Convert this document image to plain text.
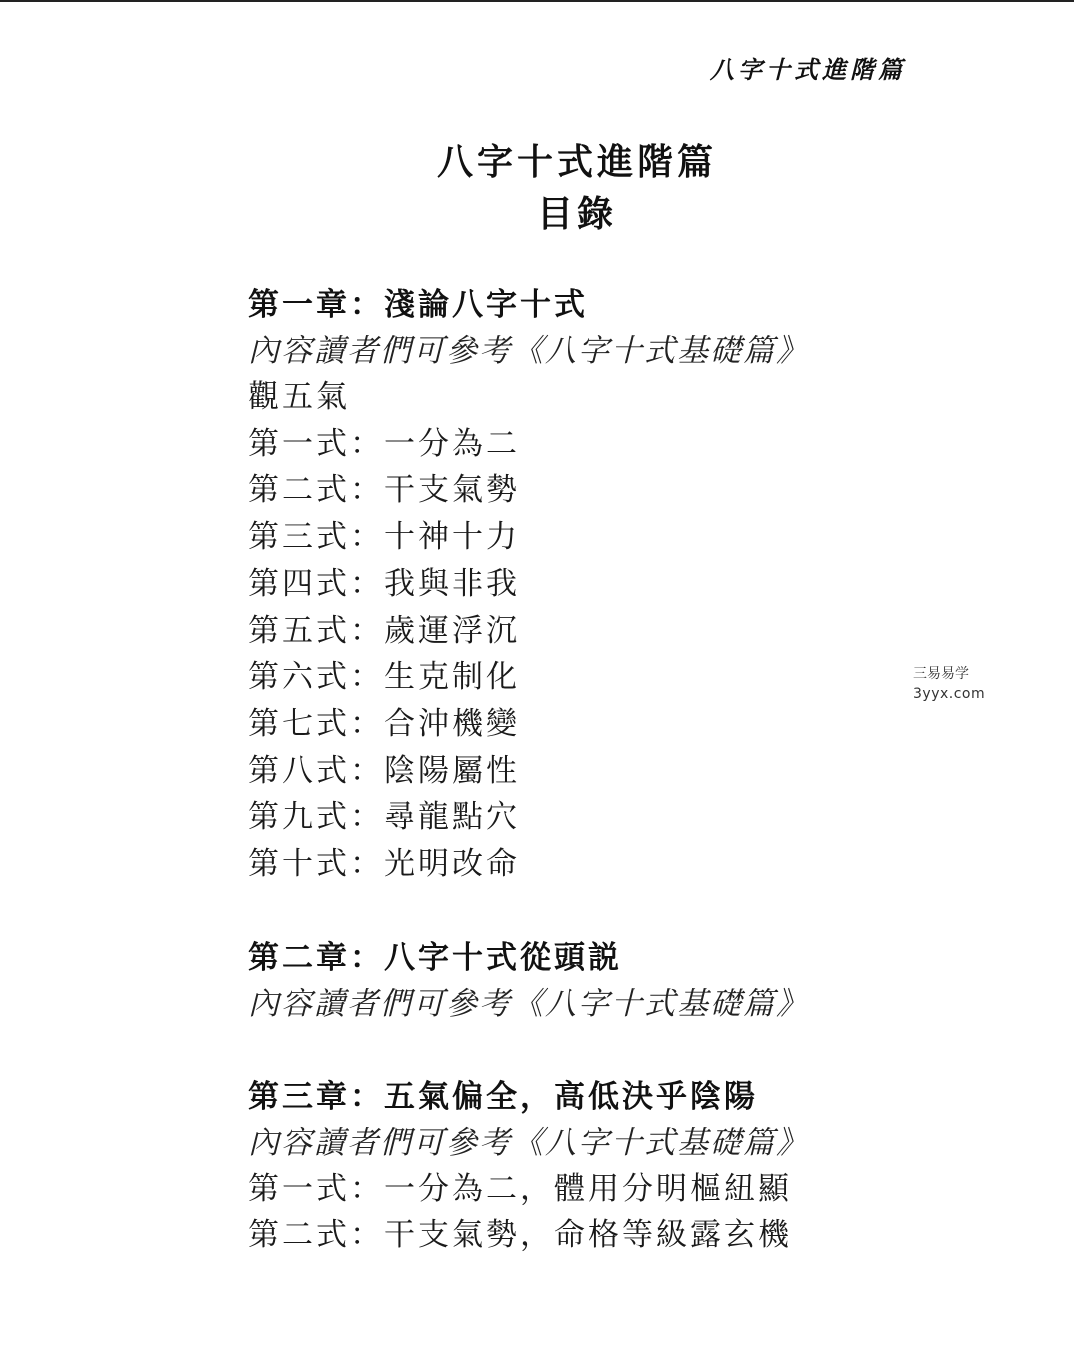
八字十式進階篇
八字十式進階篇
目錄
第一章：淺論八字十式
內容讀者們可參考《八字十式基礎篇》
觀五氣
第一式：一分為二
第二式：干支氣勢
第三式：十神十力
第四式：我與非我
第五式：歲運浮沉
第六式：生克制化
第七式：合沖機變
第八式：陰陽屬性
第九式：尋龍點穴
第十式：光明改命
第二章：八字十式從頭説
內容讀者們可參考《八字十式基礎篇》
第三章：五氣偏全，高低決乎陰陽
內容讀者們可參考《八字十式基礎篇》
第一式：一分為二，體用分明樞紐顯
第二式：干支氣勢，命格等級露玄機
三易易学
3yyx.com
